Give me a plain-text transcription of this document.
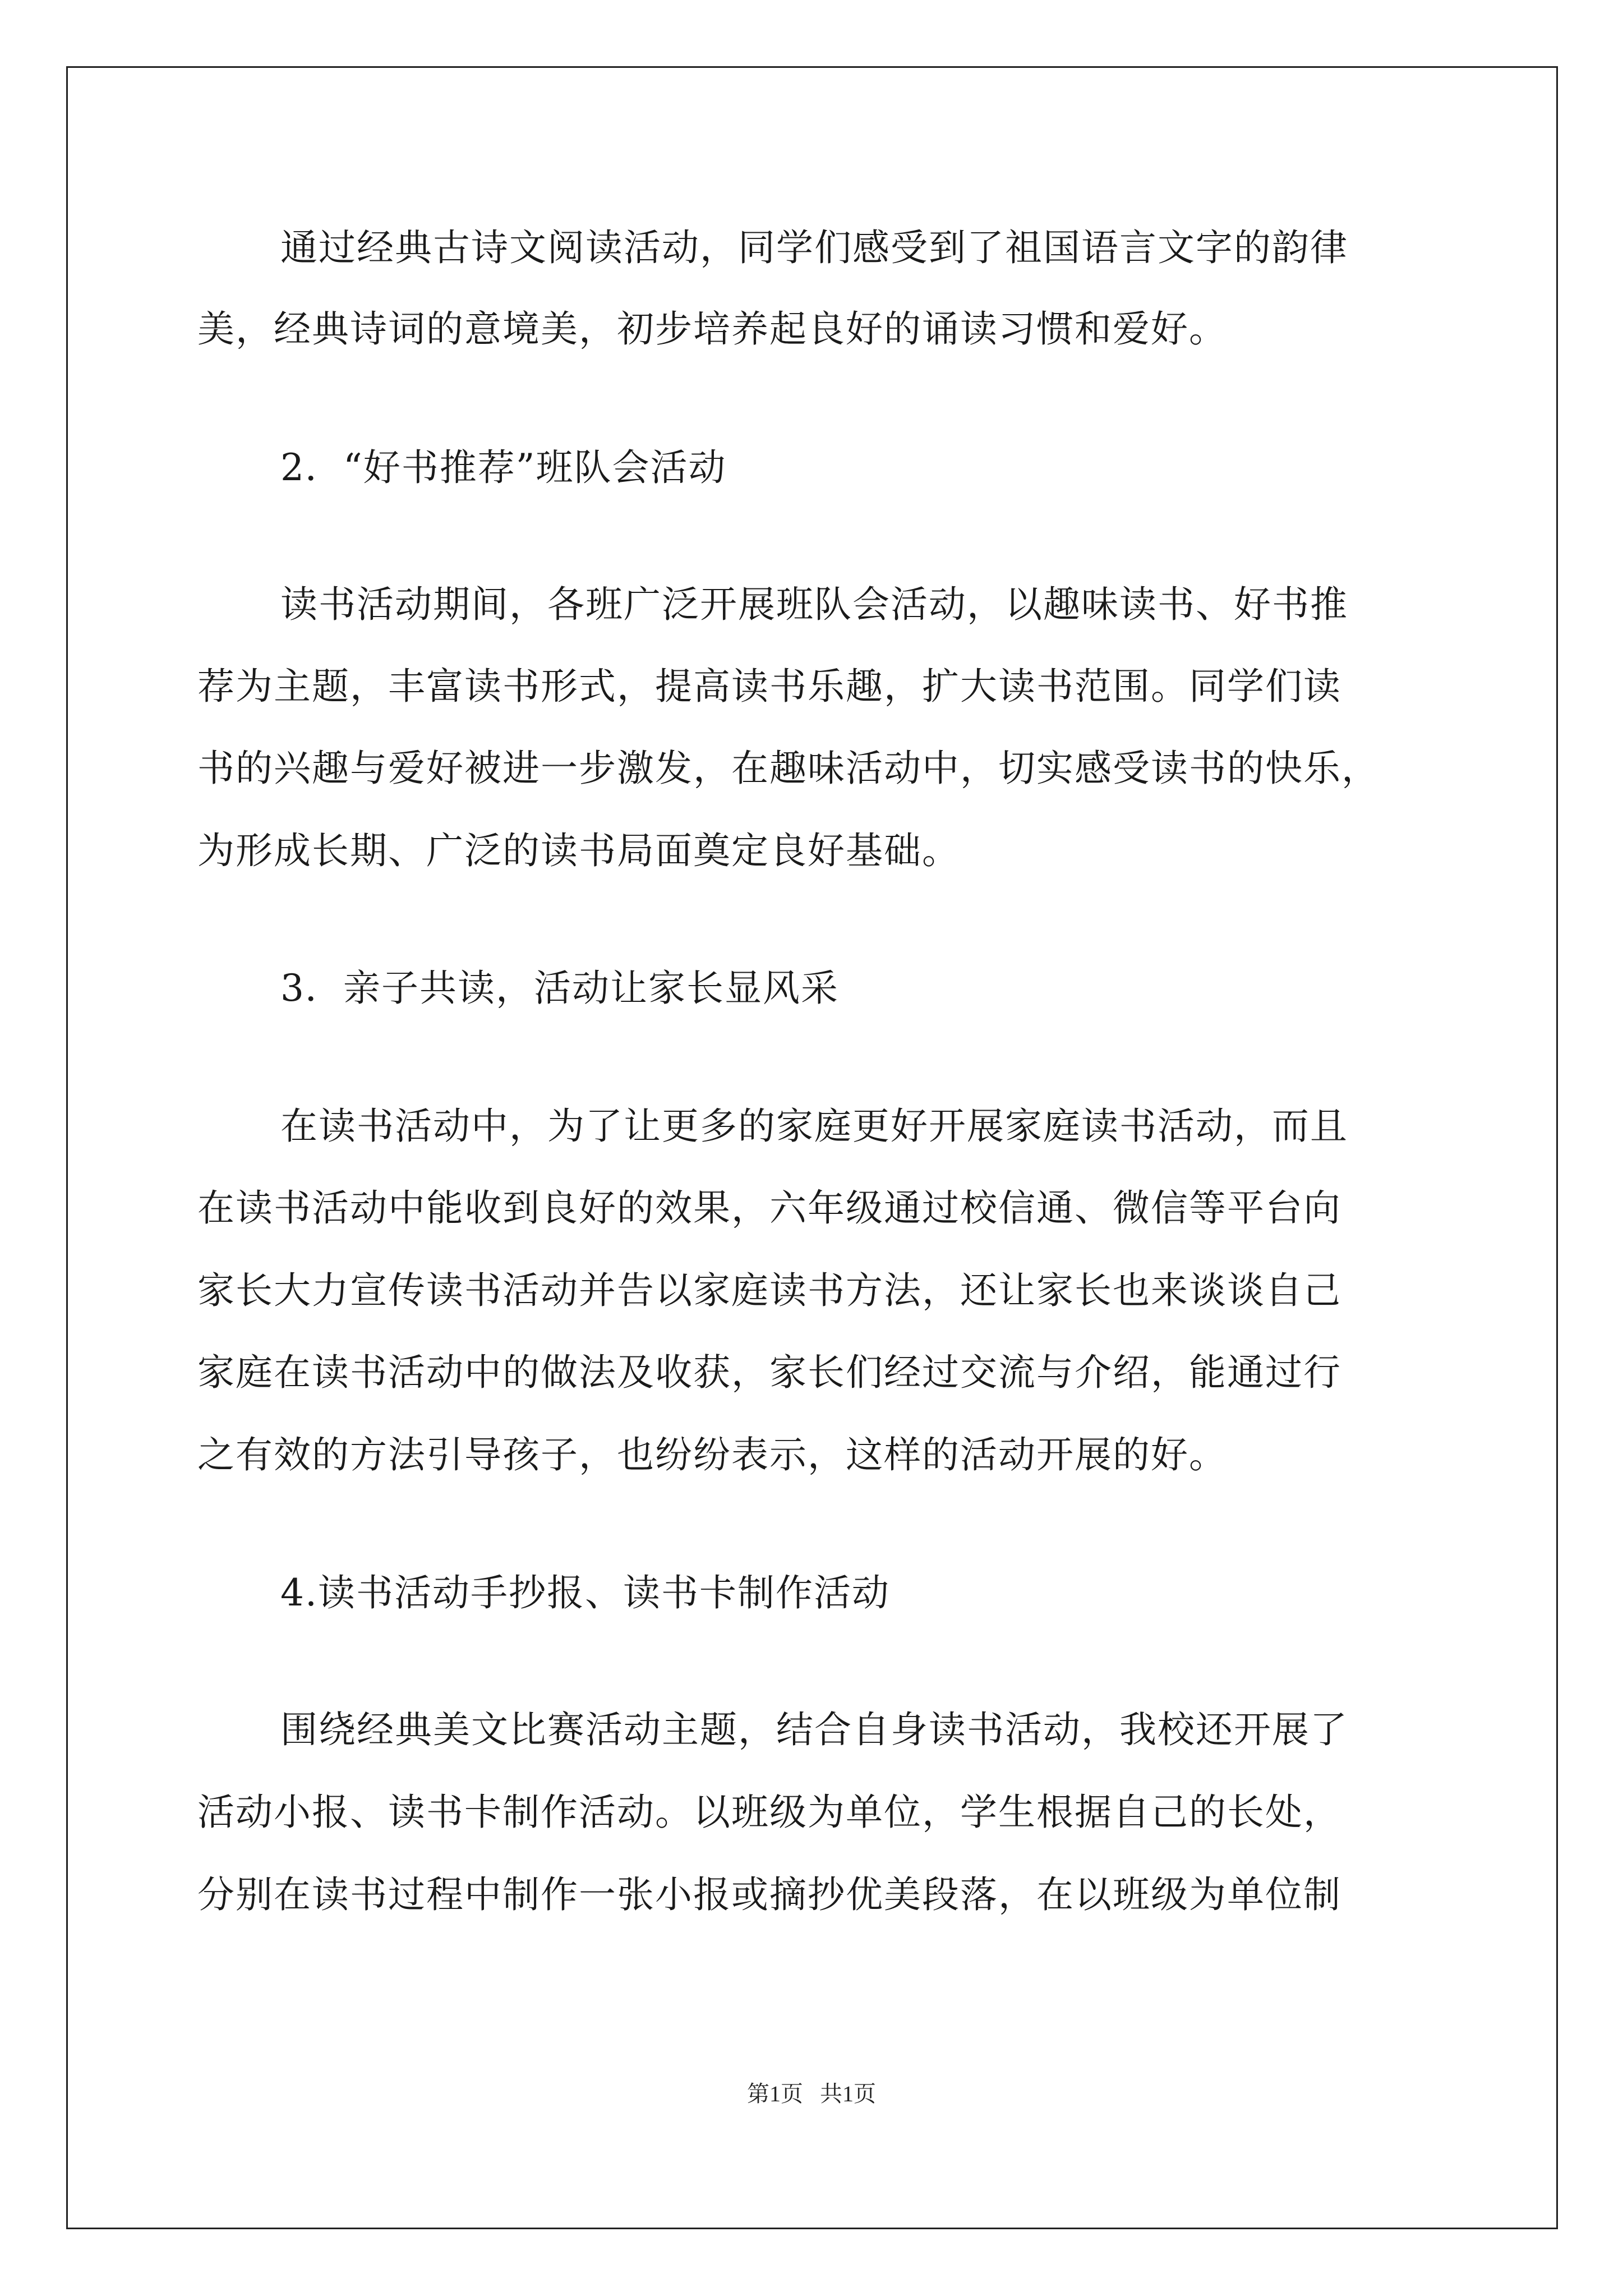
通过经典古诗文阅读活动，同学们感受到了祖国语言文字的韵律
美，经典诗词的意境美，初步培养起良好的诵读习惯和爱好。
2．“好书推荐”班队会活动
读书活动期间，各班广泛开展班队会活动，以趣味读书、好书推
荐为主题，丰富读书形式，提高读书乐趣，扩大读书范围。同学们读
书的兴趣与爱好被进一步激发，在趣味活动中，切实感受读书的快乐，
为形成长期、广泛的读书局面奠定良好基础。
3．亲子共读，活动让家长显风采
在读书活动中，为了让更多的家庭更好开展家庭读书活动，而且
在读书活动中能收到良好的效果，六年级通过校信通、微信等平台向
家长大力宣传读书活动并告以家庭读书方法，还让家长也来谈谈自己
家庭在读书活动中的做法及收获，家长们经过交流与介绍，能通过行
之有效的方法引导孩子，也纷纷表示，这样的活动开展的好。
4.读书活动手抄报、读书卡制作活动
围绕经典美文比赛活动主题，结合自身读书活动，我校还开展了
活动小报、读书卡制作活动。以班级为单位，学生根据自己的长处，
分别在读书过程中制作一张小报或摘抄优美段落，在以班级为单位制
第1页   共1页
